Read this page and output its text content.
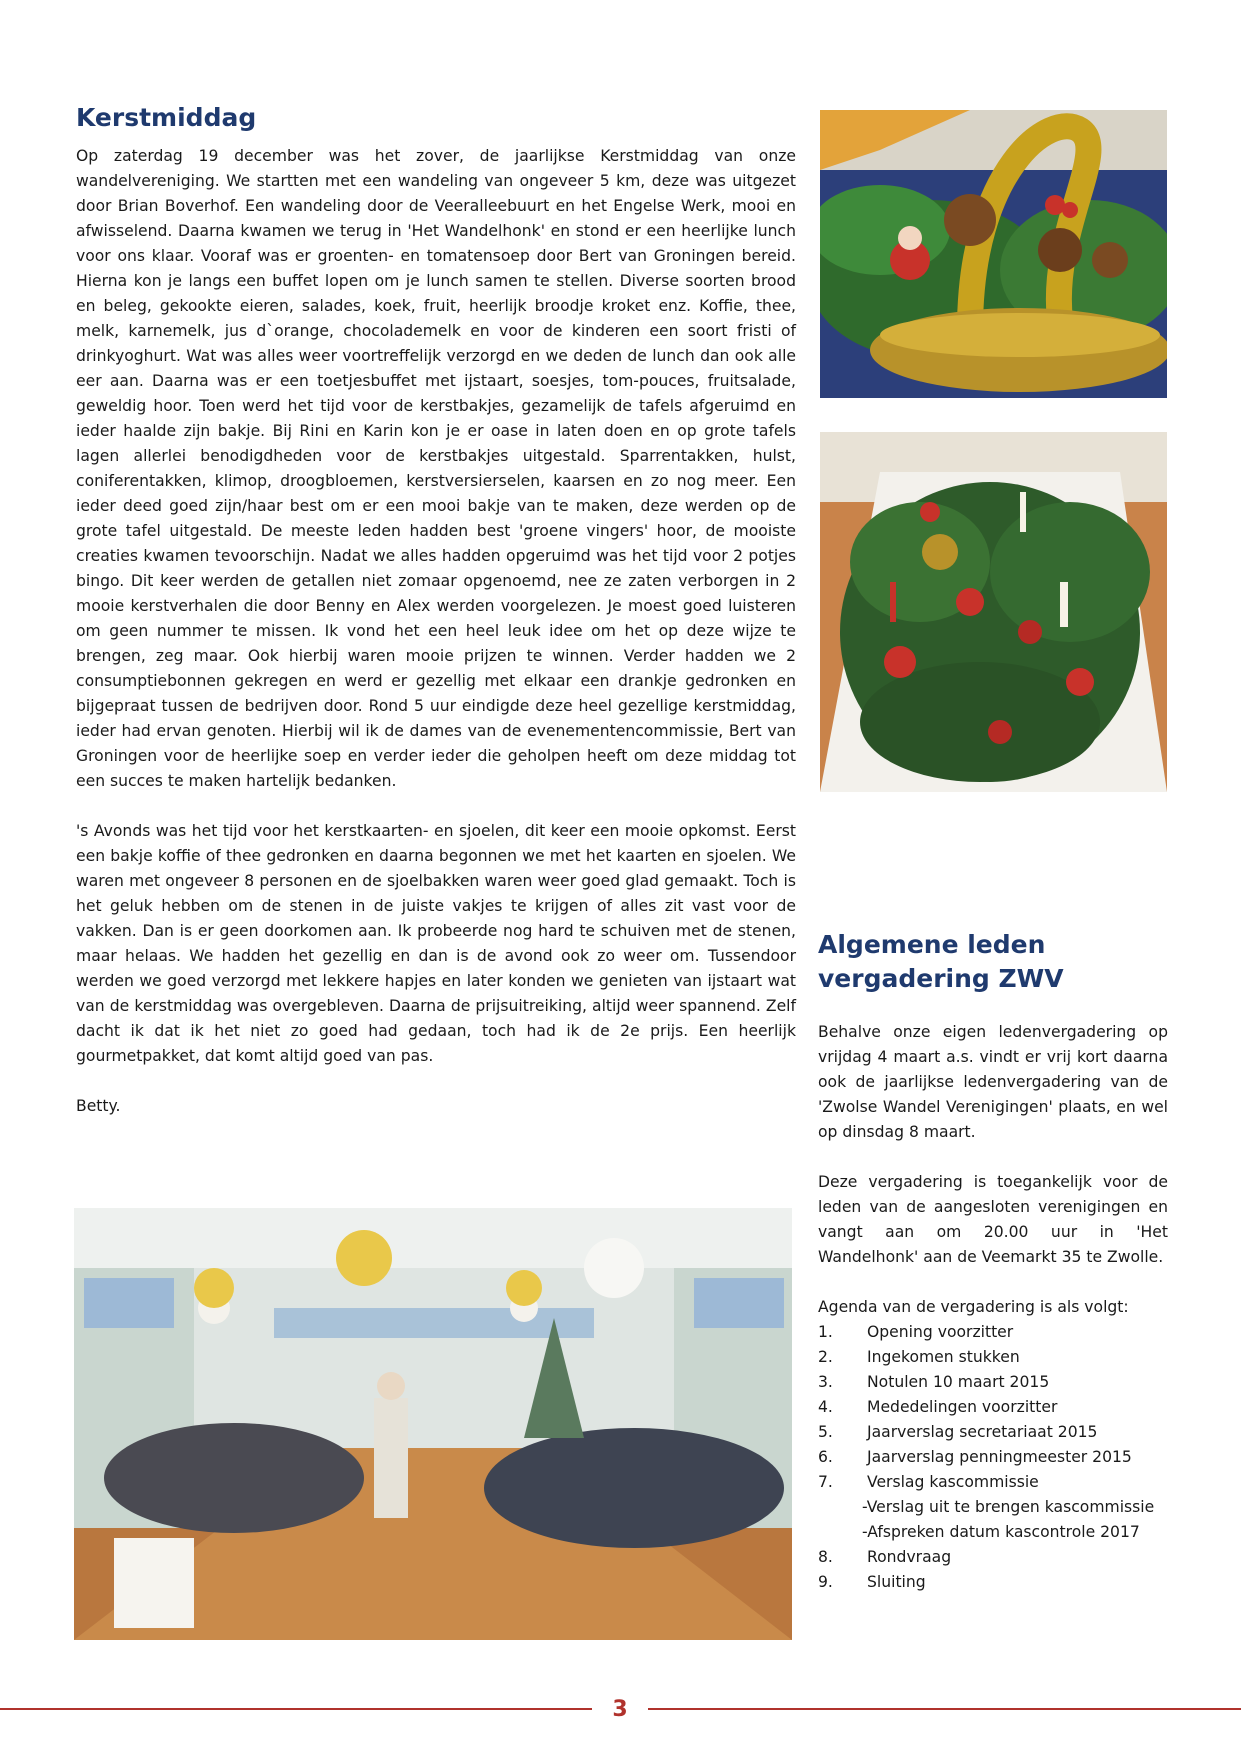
Kerstmiddag

Op zaterdag 19 december was het zover, de jaarlijkse Kerstmiddag van onze wandelvereniging. We startten met een wandeling van ongeveer 5 km, deze was uitgezet door Brian Boverhof. Een wandeling door de Veeralleebuurt en het Engelse Werk, mooi en afwisselend. Daarna kwamen we terug in 'Het Wandelhonk' en stond er een heerlijke lunch voor ons klaar. Vooraf was er groenten- en tomatensoep door Bert van Groningen bereid. Hierna kon je langs een buffet lopen om je lunch samen te stellen. Diverse soorten brood en beleg, gekookte eieren, salades, koek, fruit, heerlijk broodje kroket enz. Koffie, thee, melk, karnemelk, jus d`orange, chocolademelk en voor de kinderen een soort fristi of drinkyoghurt. Wat was alles weer voortreffelijk verzorgd en we deden de lunch dan ook alle eer aan. Daarna was er een toetjesbuffet met ijstaart, soesjes, tom-pouces, fruitsalade, geweldig hoor. Toen werd het tijd voor de kerstbakjes, gezamelijk de tafels afgeruimd en ieder haalde zijn bakje. Bij Rini en Karin kon je er oase in laten doen en op grote tafels lagen allerlei benodigdheden voor de kerstbakjes uitgestald. Sparrentakken, hulst, coniferentakken, klimop, droogbloemen, kerstversierselen, kaarsen en zo nog meer. Een ieder deed goed zijn/haar best om er een mooi bakje van te maken, deze werden op de grote tafel uitgestald. De meeste leden hadden best 'groene vingers' hoor, de mooiste creaties kwamen tevoorschijn. Nadat we alles hadden opgeruimd was het tijd voor 2 potjes bingo. Dit keer werden de getallen niet zomaar opgenoemd, nee ze zaten verborgen in 2 mooie kerstverhalen die door Benny en Alex werden voorgelezen. Je moest goed luisteren om geen nummer te missen. Ik vond het een heel leuk idee om het op deze wijze te brengen, zeg maar. Ook hierbij waren mooie prijzen te winnen. Verder hadden we 2 consumptiebonnen gekregen en werd er gezellig met elkaar een drankje gedronken en bijgepraat tussen de bedrijven door. Rond 5 uur eindigde deze heel gezellige kerstmiddag, ieder had ervan genoten. Hierbij wil ik de dames van de evenementencommissie, Bert van Groningen voor de heerlijke soep en verder ieder die geholpen heeft om deze middag tot een succes te maken hartelijk bedanken.

's Avonds was het tijd voor het kerstkaarten- en sjoelen, dit keer een mooie opkomst. Eerst een bakje koffie of thee gedronken en daarna begonnen we met het kaarten en sjoelen. We waren met ongeveer 8 personen en de sjoelbakken waren weer goed glad gemaakt. Toch is het geluk hebben om de stenen in de juiste vakjes te krijgen of alles zit vast voor de vakken. Dan is er geen doorkomen aan. Ik probeerde nog hard te schuiven met de stenen, maar helaas. We hadden het gezellig en dan is de avond ook zo weer om. Tussendoor werden we goed verzorgd met lekkere hapjes en later konden we genieten van ijstaart wat van de kerstmiddag was overgebleven. Daarna de prijsuitreiking, altijd weer spannend. Zelf dacht ik dat ik het niet zo goed had gedaan, toch had ik de 2e prijs. Een heerlijk gourmetpakket, dat komt altijd goed van pas.

Betty.

Algemene leden vergadering ZWV

Behalve onze eigen ledenvergadering op vrijdag 4 maart a.s. vindt er vrij kort daarna ook de jaarlijkse ledenvergadering van de 'Zwolse Wandel Verenigingen' plaats, en wel op dinsdag 8 maart.

Deze vergadering is toegankelijk voor de leden van de aangesloten verenigingen en vangt aan om 20.00 uur in 'Het Wandelhonk' aan de Veemarkt 35 te Zwolle.

Agenda van de vergadering is als volgt:

1.	Opening voorzitter
2.	Ingekomen stukken
3.	Notulen 10 maart 2015
4.	Mededelingen voorzitter
5.	Jaarverslag secretariaat 2015
6.	Jaarverslag penningmeester 2015
7.	Verslag kascommissie
-Verslag uit te brengen kascommissie
-Afspreken datum kascontrole 2017
8.	Rondvraag
9.	Sluiting
3
